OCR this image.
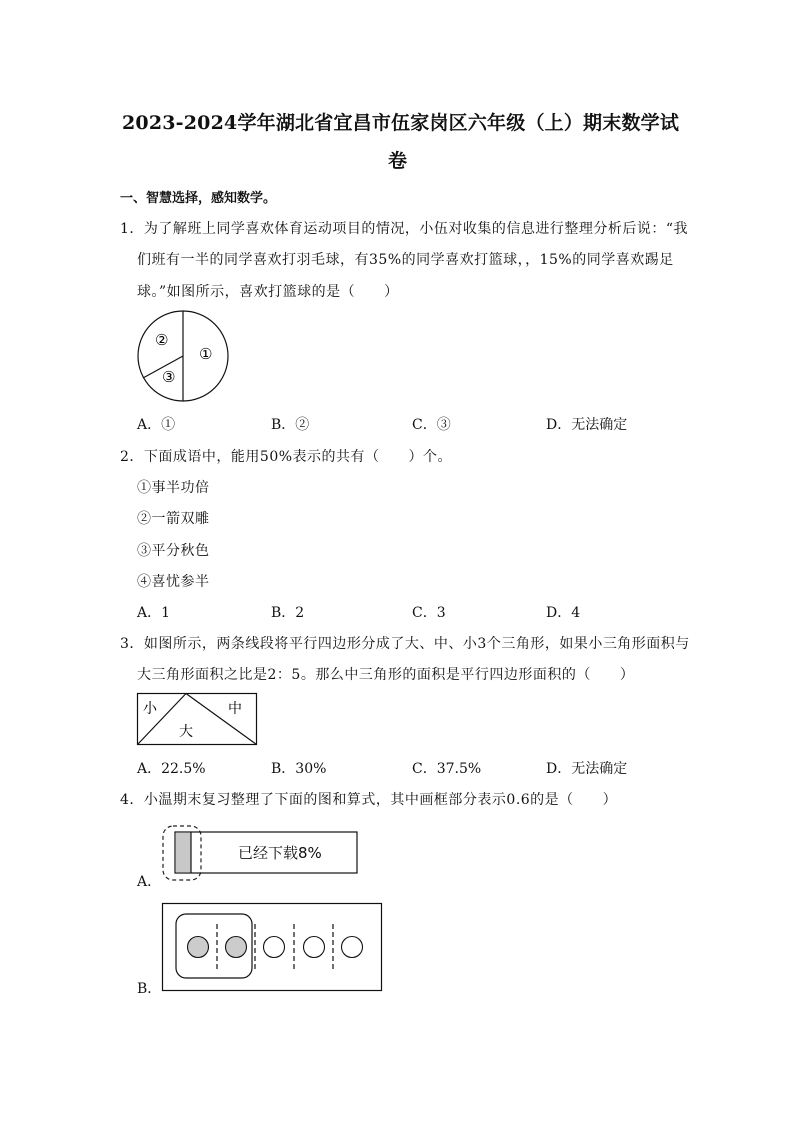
2023-2024学年湖北省宜昌市伍家岗区六年级（上）期末数学试
卷
一、智慧选择，感知数学。
1．为了解班上同学喜欢体育运动项目的情况，小伍对收集的信息进行整理分析后说：“我
们班有一半的同学喜欢打羽毛球，有35%的同学喜欢打篮球，，15%的同学喜欢踢足
球。”如图所示，喜欢打篮球的是（　　）
①
②
③
A．①	B．②	C．③	D．无法确定
2．下面成语中，能用50%表示的共有（　　）个。
①事半功倍
②一箭双雕
③平分秋色
④喜忧参半
A．1	B．2	C．3	D．4
3．如图所示，两条线段将平行四边形分成了大、中、小3个三角形，如果小三角形面积与
大三角形面积之比是2：5。那么中三角形的面积是平行四边形面积的（　　）
小	中
大
A．22.5%	B．30%	C．37.5%	D．无法确定
4．小温期末复习整理了下面的图和算式，其中画框部分表示0.6的是（　　）
已经下载8%
A．
B．
